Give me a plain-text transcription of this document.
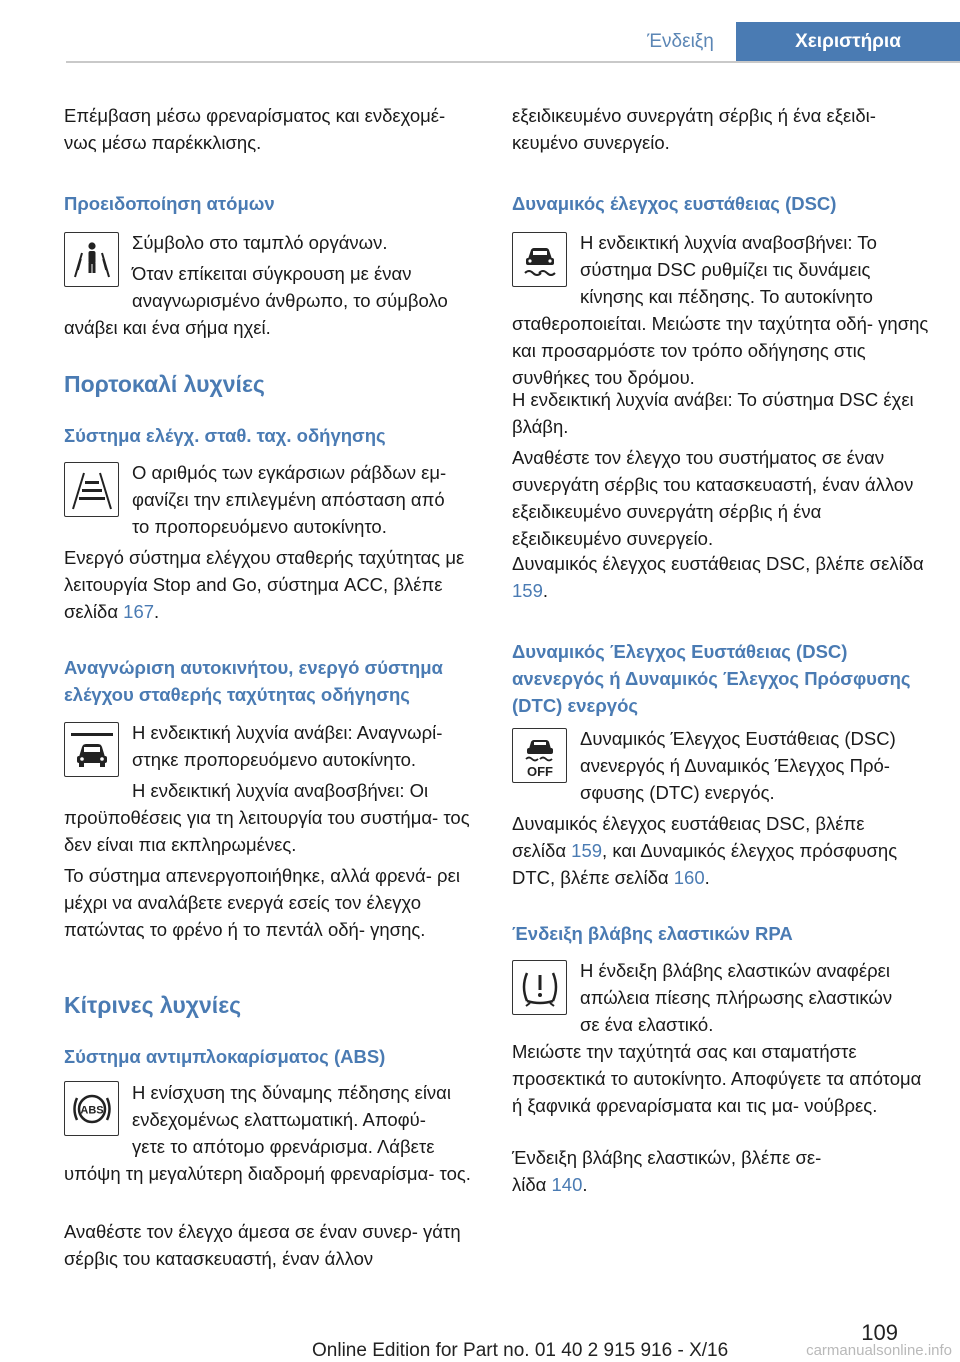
Ένδειξη	Χειριστήρια

Επέμβαση μέσω φρεναρίσματος και ενδεχομέ‐ νως μέσω παρέκκλισης.

Προειδοποίηση ατόμων

Σύμβολο στο ταμπλό οργάνων.

Όταν επίκειται σύγκρουση με έναν

αναγνωρισμένο άνθρωπο, το σύμβολο

ανάβει και ένα σήμα ηχεί.

Πορτοκαλί λυχνίες

Σύστημα ελέγχ. σταθ. ταχ. οδήγησης

Ο αριθμός των εγκάρσιων ράβδων εμ‐

φανίζει την επιλεγμένη απόσταση από

το προπορευόμενο αυτοκίνητο.

Ενεργό σύστημα ελέγχου σταθερής ταχύτητας με λειτουργία Stop and Go, σύστημα ACC, βλέπε σελίδα 167.

Αναγνώριση αυτοκινήτου, ενεργό σύστημα ελέγχου σταθερής ταχύτητας οδήγησης

Η ενδεικτική λυχνία ανάβει: Αναγνωρί‐

στηκε προπορευόμενο αυτοκίνητο.

Η ενδεικτική λυχνία αναβοσβήνει: Οι

προϋποθέσεις για τη λειτουργία του συστήμα‐ τος δεν είναι πια εκπληρωμένες.

Το σύστημα απενεργοποιήθηκε, αλλά φρενά‐ ρει μέχρι να αναλάβετε ενεργά εσείς τον έλεγχο πατώντας το φρένο ή το πεντάλ οδή‐ γησης.

Κίτρινες λυχνίες

Σύστημα αντιμπλοκαρίσματος (ABS)

ABS

Η ενίσχυση της δύναμης πέδησης είναι

ενδεχομένως ελαττωματική. Αποφύ‐

γετε το απότομο φρενάρισμα. Λάβετε

υπόψη τη μεγαλύτερη διαδρομή φρεναρίσμα‐ τος.

Αναθέστε τον έλεγχο άμεσα σε έναν συνερ‐ γάτη σέρβις του κατασκευαστή, έναν άλλον

εξειδικευμένο συνεργάτη σέρβις ή ένα εξειδι‐ κευμένο συνεργείο.

Δυναμικός έλεγχος ευστάθειας (DSC)

Η ενδεικτική λυχνία αναβοσβήνει: Το

σύστημα DSC ρυθμίζει τις δυνάμεις

κίνησης και πέδησης. Το αυτοκίνητο

σταθεροποιείται. Μειώστε την ταχύτητα οδή‐ γησης και προσαρμόστε τον τρόπο οδήγησης στις συνθήκες του δρόμου.

Η ενδεικτική λυχνία ανάβει: Το σύστημα DSC έχει βλάβη.

Αναθέστε τον έλεγχο του συστήματος σε έναν συνεργάτη σέρβις του κατασκευαστή, έναν άλλον εξειδικευμένο συνεργάτη σέρβις ή ένα εξειδικευμένο συνεργείο.

Δυναμικός έλεγχος ευστάθειας DSC, βλέπε σελίδα 159.

Δυναμικός Έλεγχος Ευστάθειας (DSC) ανενεργός ή Δυναμικός Έλεγχος Πρόσφυσης (DTC) ενεργός

OFF

Δυναμικός Έλεγχος Ευστάθειας (DSC)

ανενεργός ή Δυναμικός Έλεγχος Πρό‐

σφυσης (DTC) ενεργός.

Δυναμικός έλεγχος ευστάθειας DSC, βλέπε σελίδα 159, και Δυναμικός έλεγχος πρόσφυσης DTC, βλέπε σελίδα 160.

Ένδειξη βλάβης ελαστικών RPA

Η ένδειξη βλάβης ελαστικών αναφέρει

απώλεια πίεσης πλήρωσης ελαστικών

σε ένα ελαστικό.

Μειώστε την ταχύτητά σας και σταματήστε προσεκτικά το αυτοκίνητο. Αποφύγετε τα απότομα ή ξαφνικά φρεναρίσματα και τις μα‐ νούβρες.

Ένδειξη βλάβης ελαστικών, βλέπε σε‐ λίδα 140.

109
Online Edition for Part no. 01 40 2 915 916 - X/16	carmanualsonline.info
